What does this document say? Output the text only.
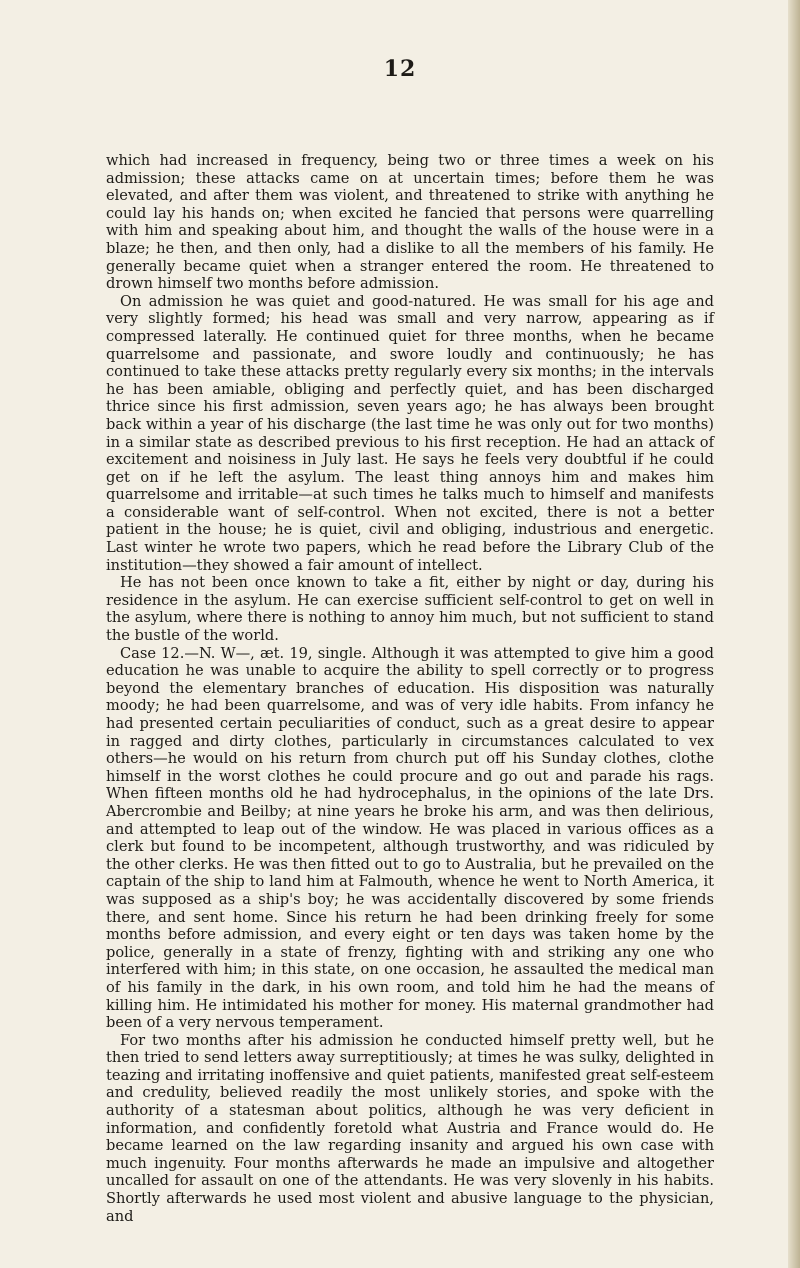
12

which had increased in frequency, being two or three times a week on his admission; these attacks came on at uncertain times; before them he was elevated, and after them was violent, and threatened to strike with anything he could lay his hands on; when excited he fancied that persons were quarrelling with him and speaking about him, and thought the walls of the house were in a blaze; he then, and then only, had a dislike to all the members of his family. He generally became quiet when a stranger entered the room. He threatened to drown himself two months before admission.

On admission he was quiet and good-natured. He was small for his age and very slightly formed; his head was small and very narrow, appearing as if compressed laterally. He continued quiet for three months, when he became quarrelsome and passionate, and swore loudly and continuously; he has continued to take these attacks pretty regularly every six months; in the intervals he has been amiable, obliging and perfectly quiet, and has been discharged thrice since his first admission, seven years ago; he has always been brought back within a year of his discharge (the last time he was only out for two months) in a similar state as described previous to his first reception. He had an attack of excitement and noisiness in July last. He says he feels very doubtful if he could get on if he left the asylum. The least thing annoys him and makes him quarrelsome and irritable—at such times he talks much to himself and manifests a considerable want of self-control. When not excited, there is not a better patient in the house; he is quiet, civil and obliging, industrious and energetic. Last winter he wrote two papers, which he read before the Library Club of the institution—they showed a fair amount of intellect.

He has not been once known to take a fit, either by night or day, during his residence in the asylum. He can exercise sufficient self-control to get on well in the asylum, where there is nothing to annoy him much, but not sufficient to stand the bustle of the world.

Case 12.—N. W—, æt. 19, single. Although it was attempted to give him a good education he was unable to acquire the ability to spell correctly or to progress beyond the elementary branches of education. His disposition was naturally moody; he had been quarrelsome, and was of very idle habits. From infancy he had presented certain peculiarities of conduct, such as a great desire to appear in ragged and dirty clothes, particularly in circumstances calculated to vex others—he would on his return from church put off his Sunday clothes, clothe himself in the worst clothes he could procure and go out and parade his rags. When fifteen months old he had hydrocephalus, in the opinions of the late Drs. Abercrombie and Beilby; at nine years he broke his arm, and was then delirious, and attempted to leap out of the window. He was placed in various offices as a clerk but found to be incompetent, although trustworthy, and was ridiculed by the other clerks. He was then fitted out to go to Australia, but he prevailed on the captain of the ship to land him at Falmouth, whence he went to North America, it was supposed as a ship's boy; he was accidentally discovered by some friends there, and sent home. Since his return he had been drinking freely for some months before admission, and every eight or ten days was taken home by the police, generally in a state of frenzy, fighting with and striking any one who interfered with him; in this state, on one occasion, he assaulted the medical man of his family in the dark, in his own room, and told him he had the means of killing him. He intimidated his mother for money. His maternal grandmother had been of a very nervous temperament.

For two months after his admission he conducted himself pretty well, but he then tried to send letters away surreptitiously; at times he was sulky, delighted in teazing and irritating inoffensive and quiet patients, manifested great self-esteem and credulity, believed readily the most unlikely stories, and spoke with the authority of a statesman about politics, although he was very deficient in information, and confidently foretold what Austria and France would do. He became learned on the law regarding insanity and argued his own case with much ingenuity. Four months afterwards he made an impulsive and altogether uncalled for assault on one of the attendants. He was very slovenly in his habits. Shortly afterwards he used most violent and abusive language to the physician, and
